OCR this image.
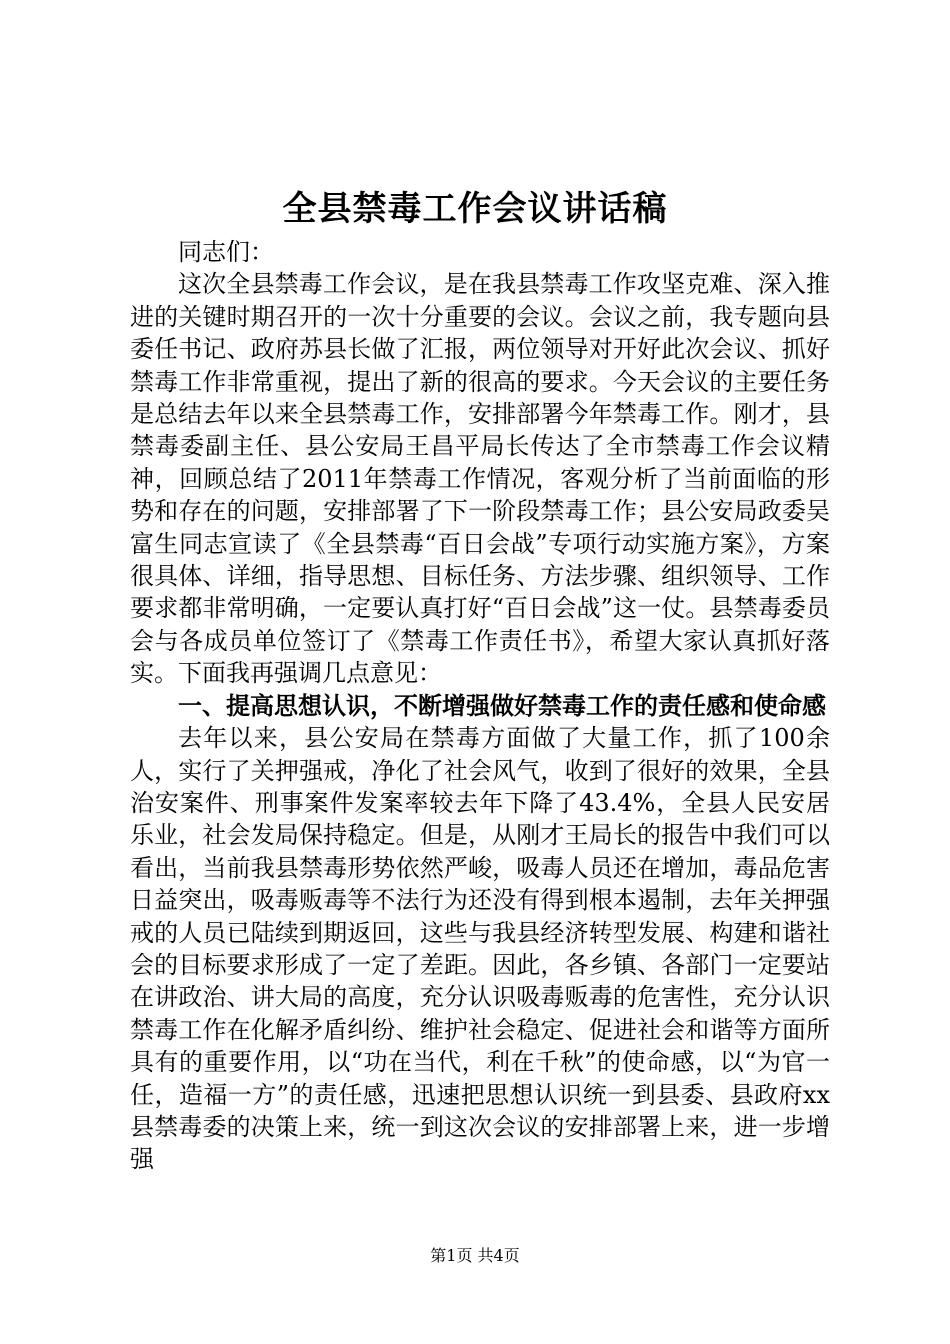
全县禁毒工作会议讲话稿

同志们：

这次全县禁毒工作会议，是在我县禁毒工作攻坚克难、深入推进的关键时期召开的一次十分重要的会议。会议之前，我专题向县委任书记、政府苏县长做了汇报，两位领导对开好此次会议、抓好禁毒工作非常重视，提出了新的很高的要求。今天会议的主要任务是总结去年以来全县禁毒工作，安排部署今年禁毒工作。刚才，县禁毒委副主任、县公安局王昌平局长传达了全市禁毒工作会议精神，回顾总结了2011年禁毒工作情况，客观分析了当前面临的形势和存在的问题，安排部署了下一阶段禁毒工作；县公安局政委吴富生同志宣读了《全县禁毒“百日会战”专项行动实施方案》，方案很具体、详细，指导思想、目标任务、方法步骤、组织领导、工作要求都非常明确，一定要认真打好“百日会战”这一仗。县禁毒委员会与各成员单位签订了《禁毒工作责任书》，希望大家认真抓好落实。下面我再强调几点意见：

一、提高思想认识，不断增强做好禁毒工作的责任感和使命感

去年以来，县公安局在禁毒方面做了大量工作，抓了100余人，实行了关押强戒，净化了社会风气，收到了很好的效果，全县治安案件、刑事案件发案率较去年下降了43.4%，全县人民安居乐业，社会发局保持稳定。但是，从刚才王局长的报告中我们可以看出，当前我县禁毒形势依然严峻，吸毒人员还在增加，毒品危害日益突出，吸毒贩毒等不法行为还没有得到根本遏制，去年关押强戒的人员已陆续到期返回，这些与我县经济转型发展、构建和谐社会的目标要求形成了一定了差距。因此，各乡镇、各部门一定要站在讲政治、讲大局的高度，充分认识吸毒贩毒的危害性，充分认识禁毒工作在化解矛盾纠纷、维护社会稳定、促进社会和谐等方面所具有的重要作用，以“功在当代，利在千秋”的使命感，以“为官一任，造福一方”的责任感，迅速把思想认识统一到县委、县政府xx县禁毒委的决策上来，统一到这次会议的安排部署上来，进一步增强

第1页 共4页
